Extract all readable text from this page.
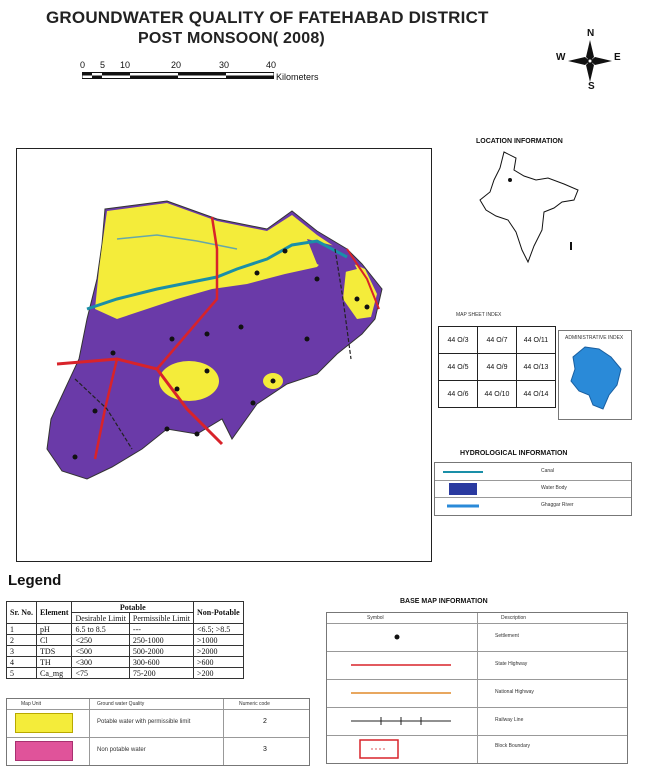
GROUNDWATER QUALITY OF FATEHABAD DISTRICT
POST MONSOON( 2008)
0 5 10	20	30	40
Kilometers
N
S
W	E
LOCATION INFORMATION
MAP SHEET INDEX
44 O/3	44 O/7	44 O/11
44 O/5	44 O/9	44 O/13
44 O/6	44 O/10	44 O/14
ADMINISTRATIVE INDEX
HYDROLOGICAL INFORMATION
Canal
Water Body
Ghaggar River
Legend
Sr. No.	Element	Potable		Non-Potable
		Desirable Limit	Permissible Limit	
1	pH	6.5 to 8.5	---	<6.5; >8.5
2	Cl	<250	250-1000	>1000
3	TDS	<500	500-2000	>2000
4	TH	<300	300-600	>600
5	Ca_mg	<75	75-200	>200
Map Unit	Ground water Quality	Numeric code
Potable water with permissible limit	2
Non potable water	3
BASE MAP INFORMATION
Symbol	Description
Settlement
State Highway
National Highway
Railway Line
Block Boundary
